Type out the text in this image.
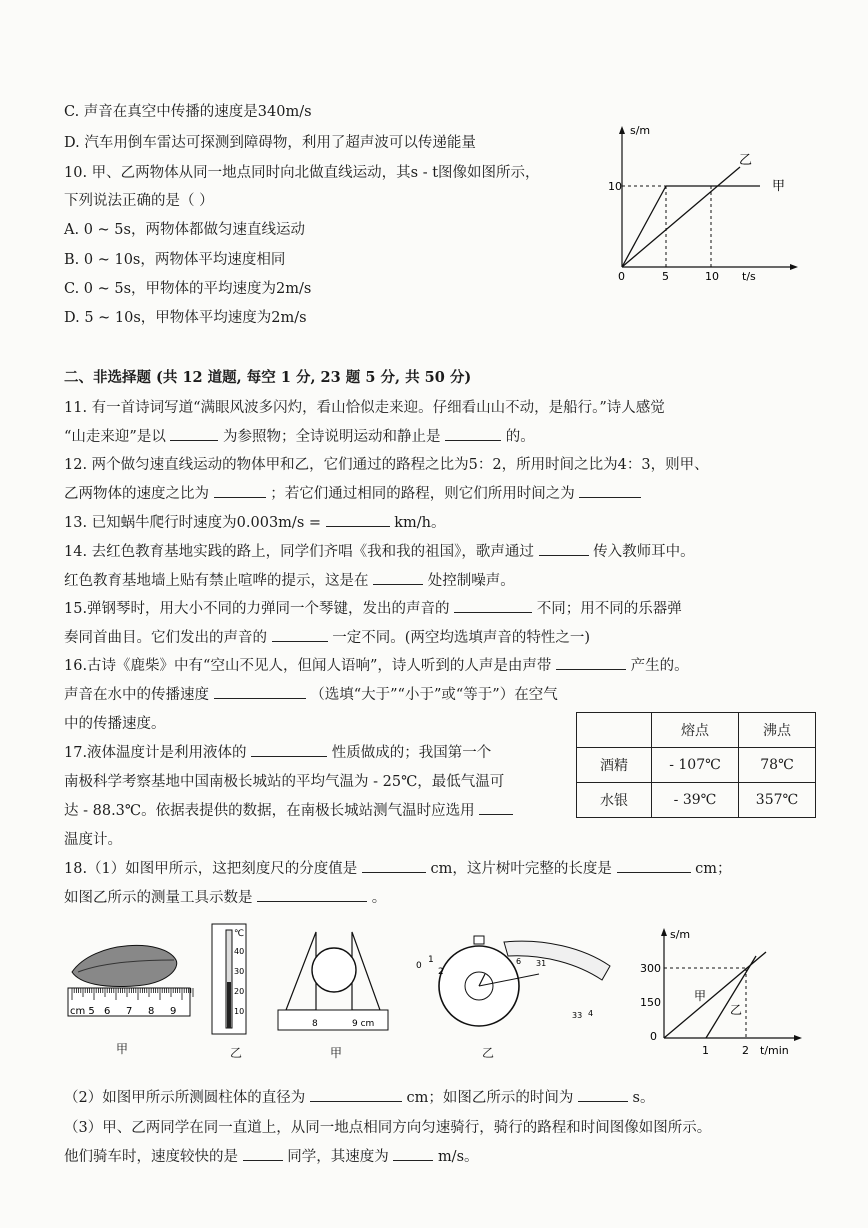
C. 声音在真空中传播的速度是340m/s
D. 汽车用倒车雷达可探测到障碍物，利用了超声波可以传递能量
10. 甲、乙两物体从同一地点同时向北做直线运动，其s - t图像如图所示，
下列说法正确的是（ ）
A. 0 ~ 5s，两物体都做匀速直线运动
B. 0 ~ 10s，两物体平均速度相同
C. 0 ~ 5s，甲物体的平均速度为2m/s
D. 5 ~ 10s，甲物体平均速度为2m/s
s/m
t/s
10
0	5	10
甲
乙
二、非选择题 (共 12 道题, 每空 1 分, 23 题 5 分, 共 50 分)
11. 有一首诗词写道“满眼风波多闪灼，看山恰似走来迎。仔细看山山不动，是船行。”诗人感觉
“山走来迎”是以	为参照物；全诗说明运动和静止是	的。
12. 两个做匀速直线运动的物体甲和乙，它们通过的路程之比为5：2，所用时间之比为4：3，则甲、
乙两物体的速度之比为	；若它们通过相同的路程，则它们所用时间之为
13. 已知蜗牛爬行时速度为0.003m/s =	km/h。
14. 去红色教育基地实践的路上，同学们齐唱《我和我的祖国》，歌声通过	传入教师耳中。
红色教育基地墙上贴有禁止喧哗的提示，这是在	处控制噪声。
15.弹钢琴时，用大小不同的力弹同一个琴键，发出的声音的	不同；用不同的乐器弹
奏同首曲目。它们发出的声音的	一定不同。(两空均选填声音的特性之一)
16.古诗《鹿柴》中有“空山不见人，但闻人语响”，诗人听到的人声是由声带	产生的。
声音在水中的传播速度	（选填“大于”“小于”或“等于”）在空气
中的传播速度。
17.液体温度计是利用液体的	性质做成的；我国第一个
南极科学考察基地中国南极长城站的平均气温为 - 25℃，最低气温可
达 - 88.3℃。依据表提供的数据，在南极长城站测气温时应选用
温度计。
	熔点	沸点
酒精	- 107℃	78℃
水银	- 39℃	357℃
18.（1）如图甲所示，这把刻度尺的分度值是	cm，这片树叶完整的长度是	cm；
如图乙所示的测量工具示数是	。
cm 5 6 7 8 9
甲
℃
40
30
20
10
乙
8	9 cm
甲
6 31
33 4
0
1
2
乙
s/m
t/min
300
150
0
1	2
甲
乙
（2）如图甲所示所测圆柱体的直径为	cm；如图乙所示的时间为	s。
（3）甲、乙两同学在同一直道上，从同一地点相同方向匀速骑行，骑行的路程和时间图像如图所示。
他们骑车时，速度较快的是	同学，其速度为	m/s。
